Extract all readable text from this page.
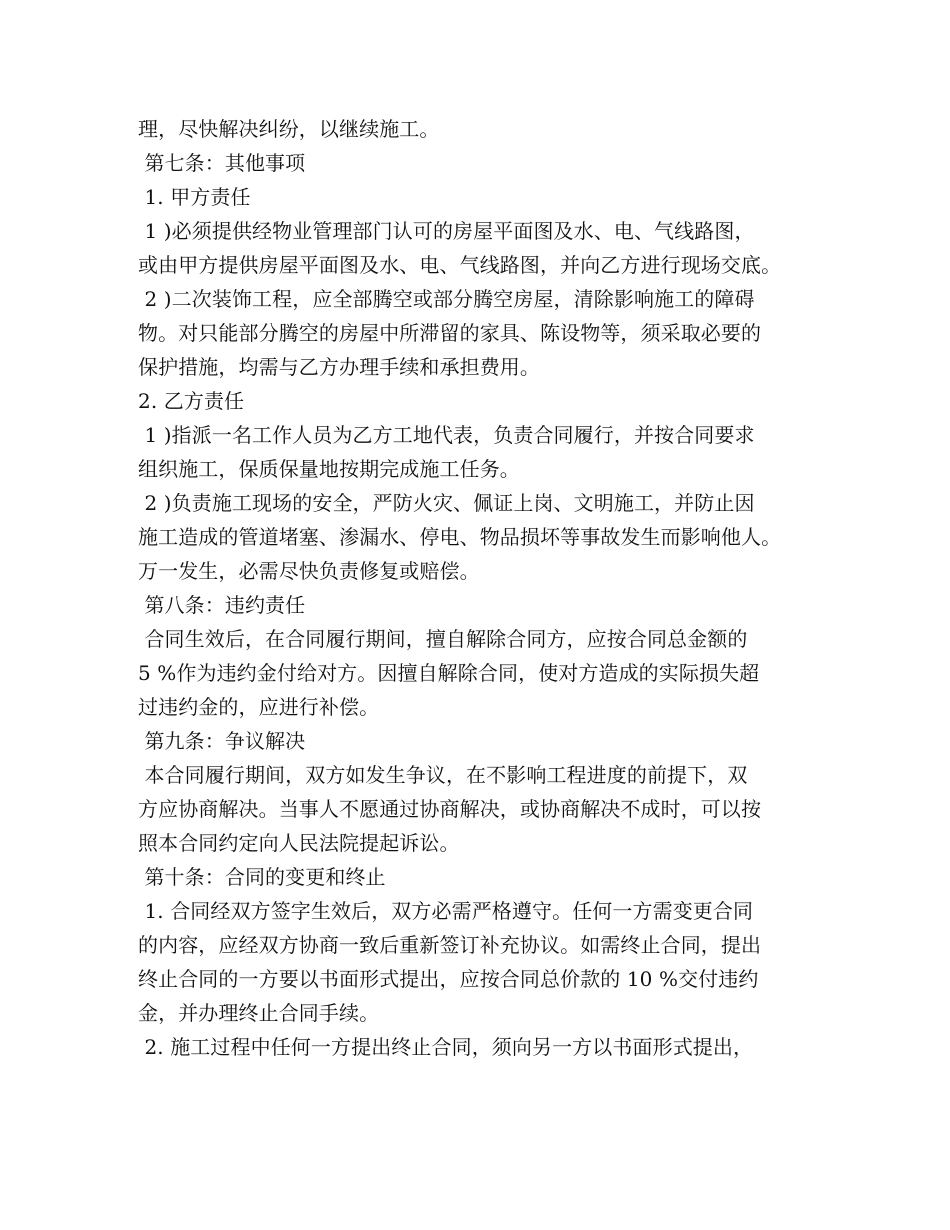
理，尽快解决纠纷，以继续施工。
第七条：其他事项
1. 甲方责任
1 )必须提供经物业管理部门认可的房屋平面图及水、电、气线路图，
或由甲方提供房屋平面图及水、电、气线路图，并向乙方进行现场交底。
2 )二次装饰工程，应全部腾空或部分腾空房屋，清除影响施工的障碍
物。对只能部分腾空的房屋中所滞留的家具、陈设物等，须采取必要的
保护措施，均需与乙方办理手续和承担费用。
2. 乙方责任
1 )指派一名工作人员为乙方工地代表，负责合同履行，并按合同要求
组织施工，保质保量地按期完成施工任务。
2 )负责施工现场的安全，严防火灾、佩证上岗、文明施工，并防止因
施工造成的管道堵塞、渗漏水、停电、物品损坏等事故发生而影响他人。
万一发生，必需尽快负责修复或赔偿。
第八条：违约责任
合同生效后，在合同履行期间，擅自解除合同方，应按合同总金额的
5 %作为违约金付给对方。因擅自解除合同，使对方造成的实际损失超
过违约金的，应进行补偿。
第九条：争议解决
本合同履行期间，双方如发生争议，在不影响工程进度的前提下，双
方应协商解决。当事人不愿通过协商解决，或协商解决不成时，可以按
照本合同约定向人民法院提起诉讼。
第十条：合同的变更和终止
1. 合同经双方签字生效后，双方必需严格遵守。任何一方需变更合同
的内容，应经双方协商一致后重新签订补充协议。如需终止合同，提出
终止合同的一方要以书面形式提出，应按合同总价款的 10 %交付违约
金，并办理终止合同手续。
2. 施工过程中任何一方提出终止合同，须向另一方以书面形式提出，
